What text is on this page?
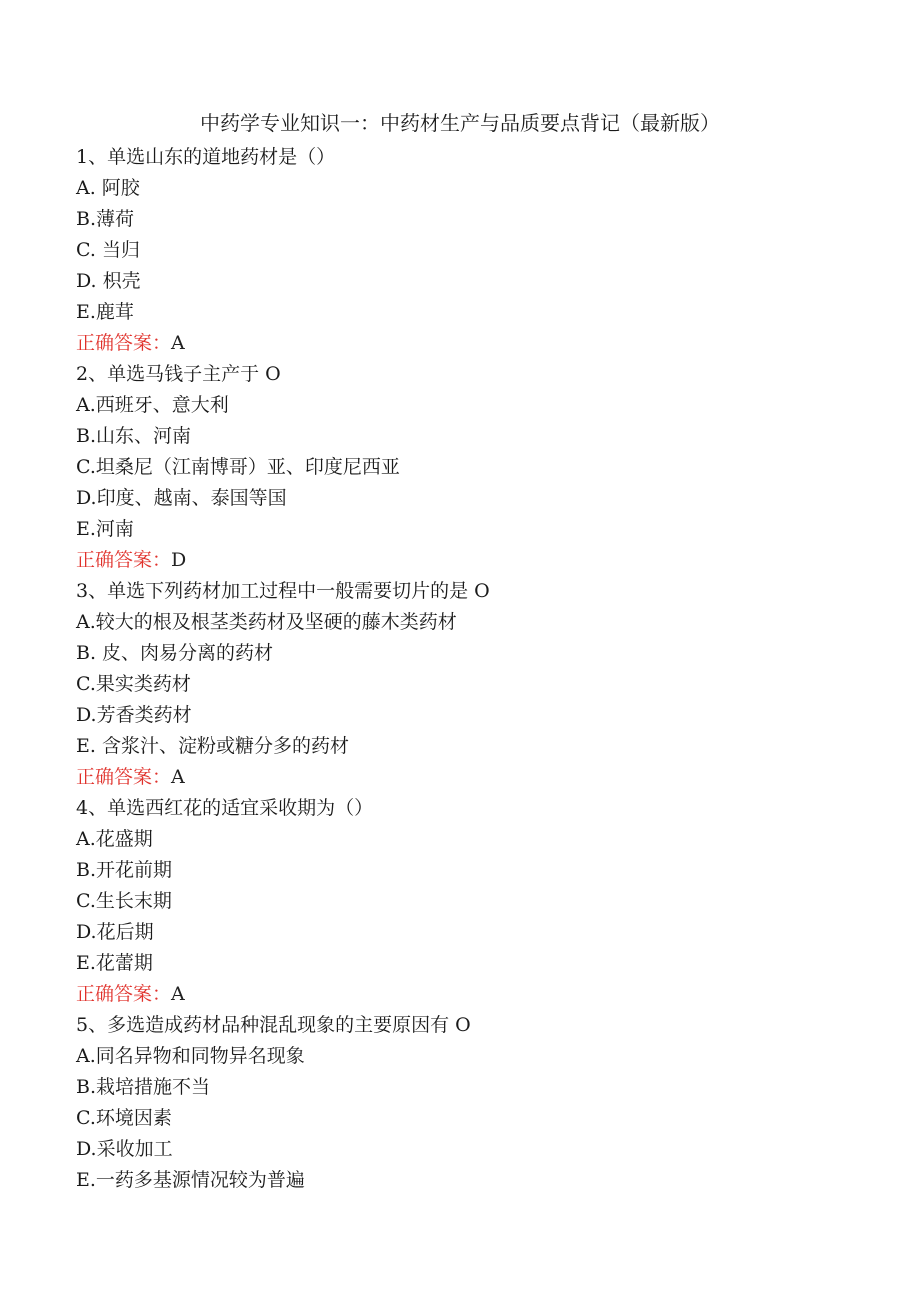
中药学专业知识一：中药材生产与品质要点背记（最新版）
1、单选山东的道地药材是（）
A. 阿胶
B.薄荷
C. 当归
D. 枳壳
E.鹿茸
正确答案：A
2、单选马钱子主产于 O
A.西班牙、意大利
B.山东、河南
C.坦桑尼（江南博哥）亚、印度尼西亚
D.印度、越南、泰国等国
E.河南
正确答案：D
3、单选下列药材加工过程中一般需要切片的是 O
A.较大的根及根茎类药材及坚硬的藤木类药材
B. 皮、肉易分离的药材
C.果实类药材
D.芳香类药材
E. 含浆汁、淀粉或糖分多的药材
正确答案：A
4、单选西红花的适宜采收期为（）
A.花盛期
B.开花前期
C.生长末期
D.花后期
E.花蕾期
正确答案：A
5、多选造成药材品种混乱现象的主要原因有 O
A.同名异物和同物异名现象
B.栽培措施不当
C.环境因素
D.采收加工
E.一药多基源情况较为普遍
